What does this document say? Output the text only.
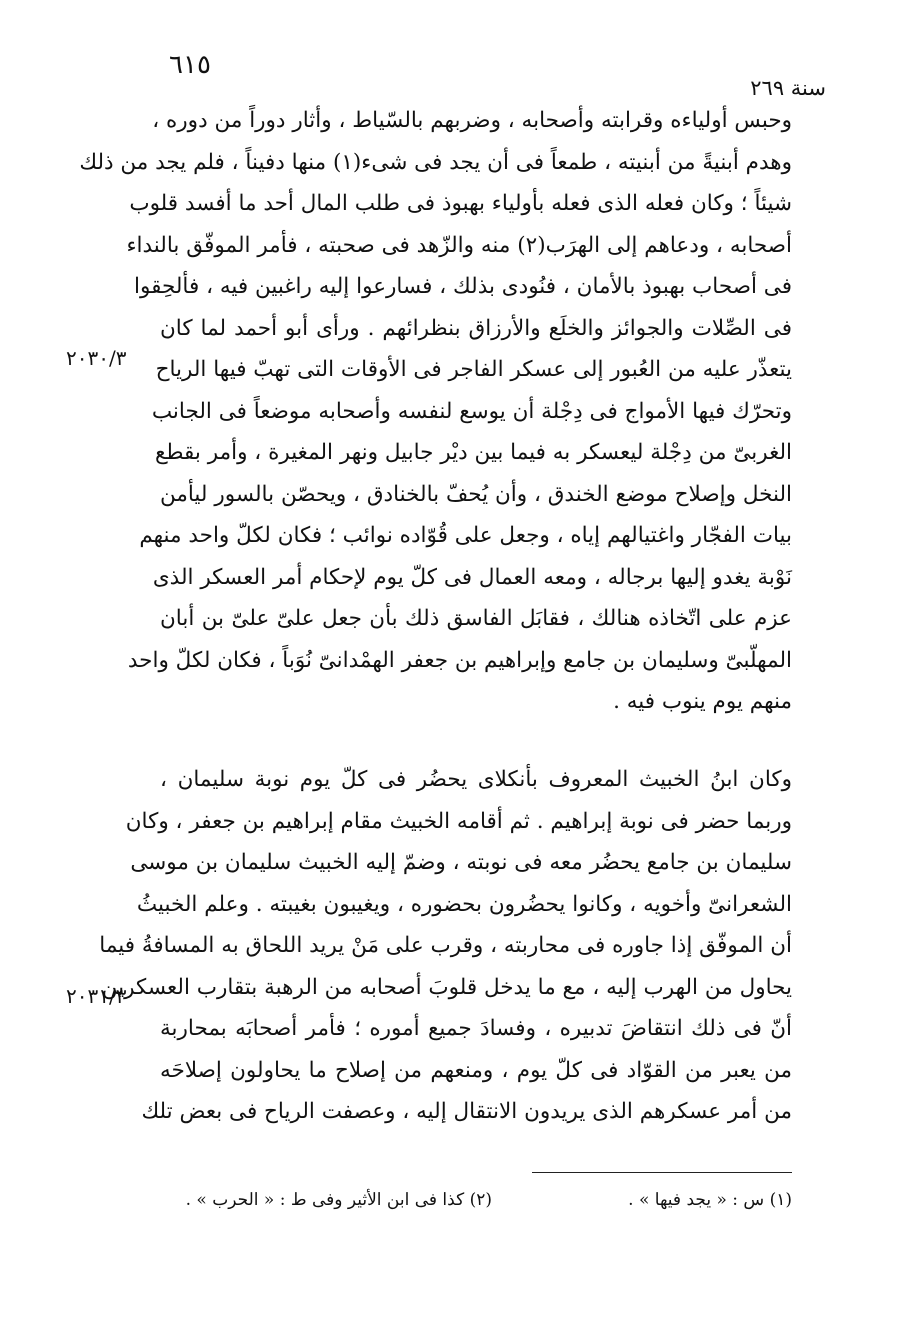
٦١٥
سنة ٢٦٩
٢٠٣٠/٣
٢٠٣١/٣
وحبس أولياءه وقرابته وأصحابه ، وضربهم بالسّياط ، وأثار دوراً من دوره ،
وهدم أبنيةً من أبنيته ، طمعاً فى أن يجد فى شىء(١) منها دفيناً ، فلم يجد من ذلك
شيئاً ؛ وكان فعله الذى فعله بأولياء بهبوذ فى طلب المال أحد ما أفسد قلوب
أصحابه ، ودعاهم إلى الهرَب(٢) منه والزّهد فى صحبته ، فأمر الموفّق بالنداء
فى أصحاب بهبوذ بالأمان ، فنُودى بذلك ، فسارعوا إليه راغبين فيه ، فألحِقوا
فى الصِّلات والجوائز والخلَع والأرزاق بنظرائهم . ورأى أبو أحمد لما كان
يتعذّر عليه من العُبور إلى عسكر الفاجر فى الأوقات التى تهبّ فيها الرياح
وتحرّك فيها الأمواج فى دِجْلة أن يوسع لنفسه وأصحابه موضعاً فى الجانب
الغربىّ من دِجْلة ليعسكر به فيما بين ديْر جابيل ونهر المغيرة ، وأمر بقطع
النخل وإصلاح موضع الخندق ، وأن يُحفّ بالخنادق ، ويحصّن بالسور ليأمن
بيات الفجّار واغتيالهم إياه ، وجعل على قُوّاده نوائب ؛ فكان لكلّ واحد منهم
نَوْبة يغدو إليها برجاله ، ومعه العمال فى كلّ يوم لإحكام أمر العسكر الذى
عزم على اتّخاذه هنالك ، فقابَل الفاسق ذلك بأن جعل علىّ علىّ بن أبان
المهلّبىّ وسليمان بن جامع وإبراهيم بن جعفر الهمْدانىّ نُوَباً ، فكان لكلّ واحد
منهم يوم ينوب فيه .
وكان ابنُ الخبيث المعروف بأنكلاى يحضُر فى كلّ يوم نوبة سليمان ،
وربما حضر فى نوبة إبراهيم . ثم أقامه الخبيث مقام إبراهيم بن جعفر ، وكان
سليمان بن جامع يحضُر معه فى نوبته ، وضمّ إليه الخبيث سليمان بن موسى
الشعرانىّ وأخويه ، وكانوا يحضُرون بحضوره ، ويغيبون بغيبته . وعلم الخبيثُ
أن الموفّق إذا جاوره فى محاربته ، وقرب على مَنْ يريد اللحاق به المسافةُ فيما
يحاول من الهرب إليه ، مع ما يدخل قلوبَ أصحابه من الرهبة بتقارب العسكرين
أنّ فى ذلك انتقاضَ تدبيره ، وفسادَ جميع أموره ؛ فأمر أصحابَه بمحاربة
من يعبر من القوّاد فى كلّ يوم ، ومنعهم من إصلاح ما يحاولون إصلاحَه
من أمر عسكرهم الذى يريدون الانتقال إليه ، وعصفت الرياح فى بعض تلك
(١) س : « يجد فيها » .
(٢) كذا فى ابن الأثير وفى ط : « الحرب » .
